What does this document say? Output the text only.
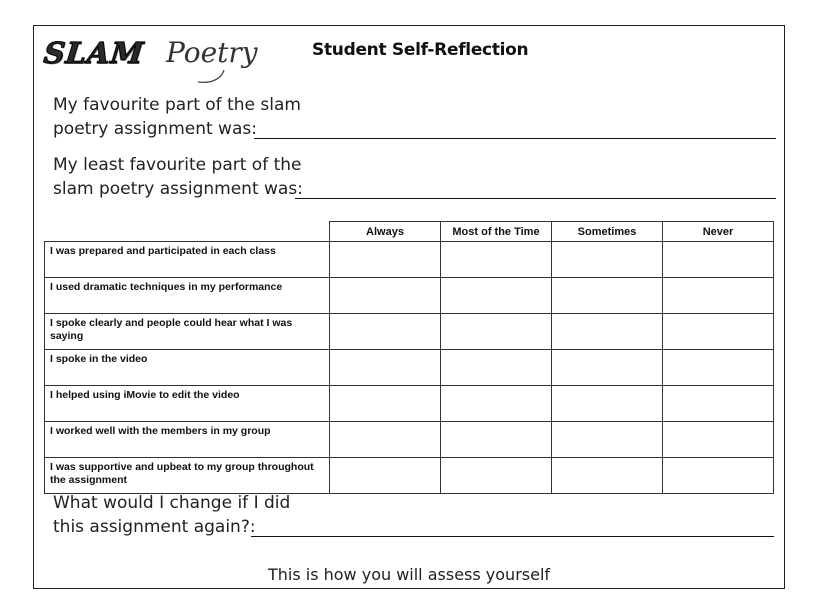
SLAM Poetry	Student Self-Reflection
My favourite part of the slam
poetry assignment was:
My least favourite part of the
slam poetry assignment was:
	Always	Most of the Time	Sometimes	Never
I was prepared and participated in each class				
I used dramatic techniques in my performance				
I spoke clearly and people could hear what I was saying				
I spoke in the video				
I helped using iMovie to edit the video				
I worked well with the members in my group				
I was supportive and upbeat to my group throughout the assignment				
What would I change if I did
this assignment again?:
This is how you will assess yourself
